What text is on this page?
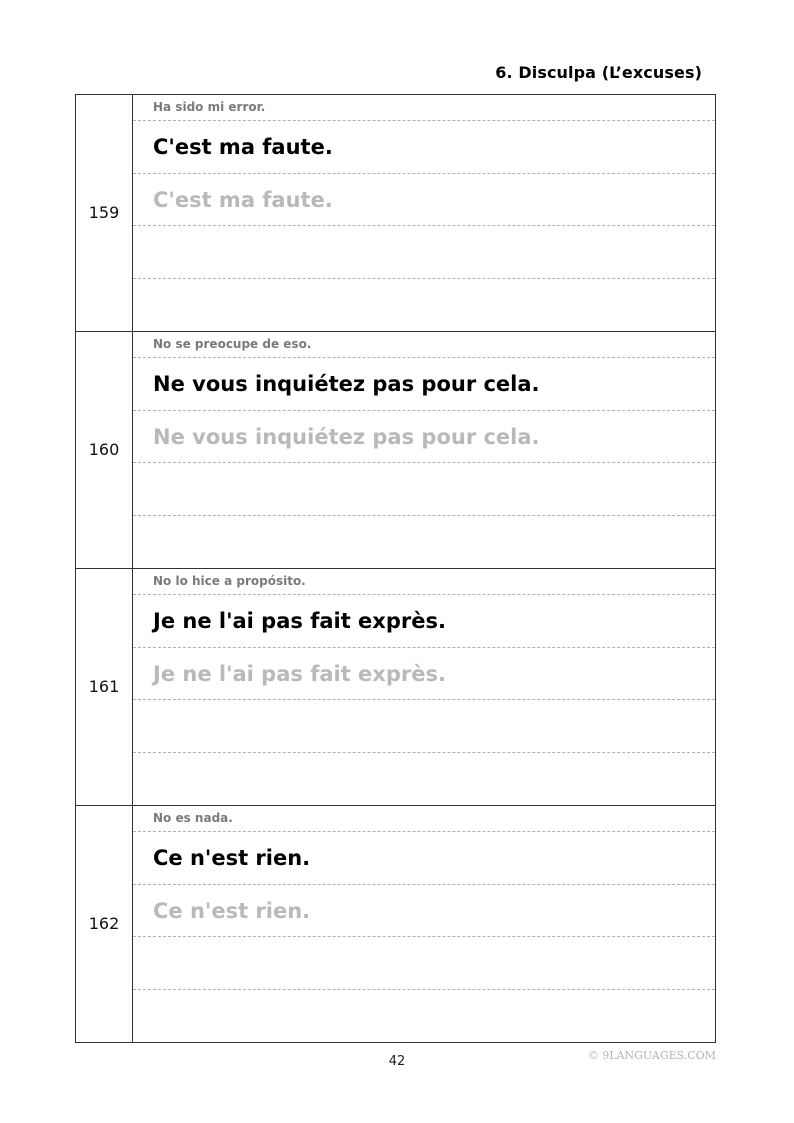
6. Disculpa (L’excuses)
159
Ha sido mi error.
C'est ma faute.
C'est ma faute.
160
No se preocupe de eso.
Ne vous inquiétez pas pour cela.
Ne vous inquiétez pas pour cela.
161
No lo hice a propósito.
Je ne l'ai pas fait exprès.
Je ne l'ai pas fait exprès.
162
No es nada.
Ce n'est rien.
Ce n'est rien.
42	© 9LANGUAGES.COM
